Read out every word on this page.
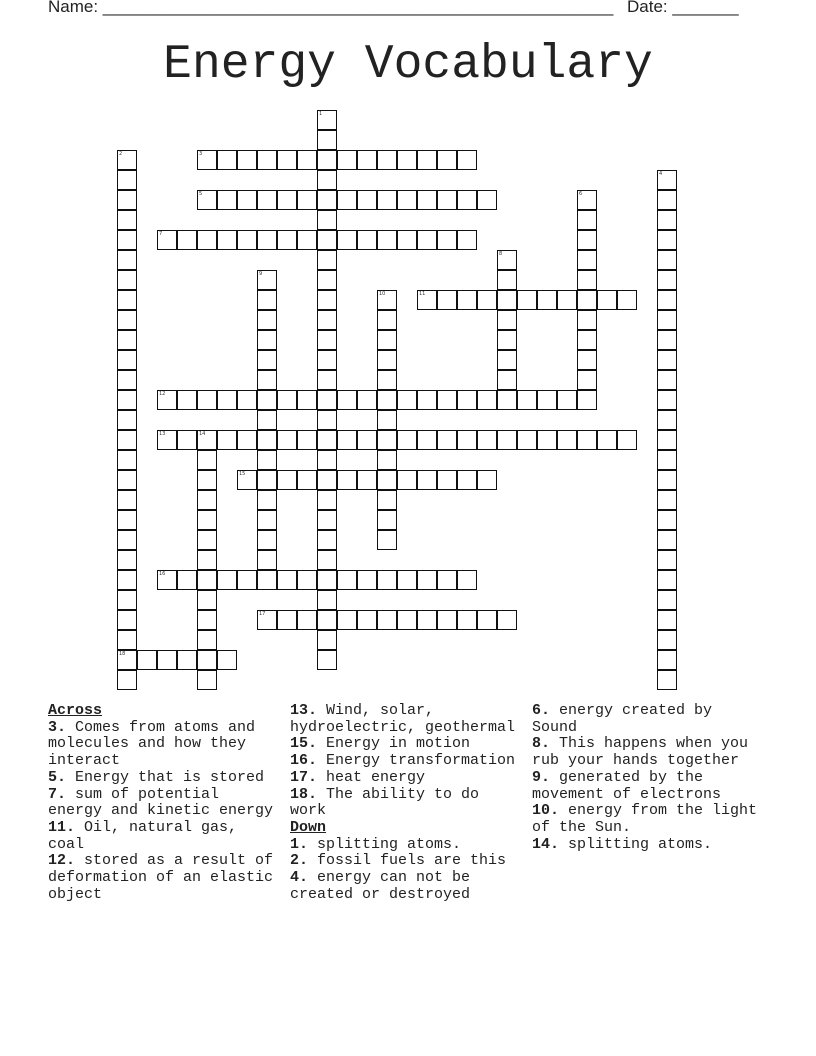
Name: ______________________________________________________ Date: _______
Energy Vocabulary
1
2
18
3
4
5	6
7
8
9
10	11
12
13	14
15
16
17

Across

3. Comes from atoms and molecules and how they interact

5. Energy that is stored

7. sum of potential energy and kinetic energy

11. Oil, natural gas, coal

12. stored as a result of deformation of an elastic object

13. Wind, solar, hydroelectric, geothermal

15. Energy in motion

16. Energy transformation

17. heat energy

18. The ability to do work

Down

1. splitting atoms.

2. fossil fuels are this

4. energy can not be created or destroyed

6. energy created by Sound

8. This happens when you rub your hands together

9. generated by the movement of electrons

10. energy from the light of the Sun.

14. splitting atoms.
